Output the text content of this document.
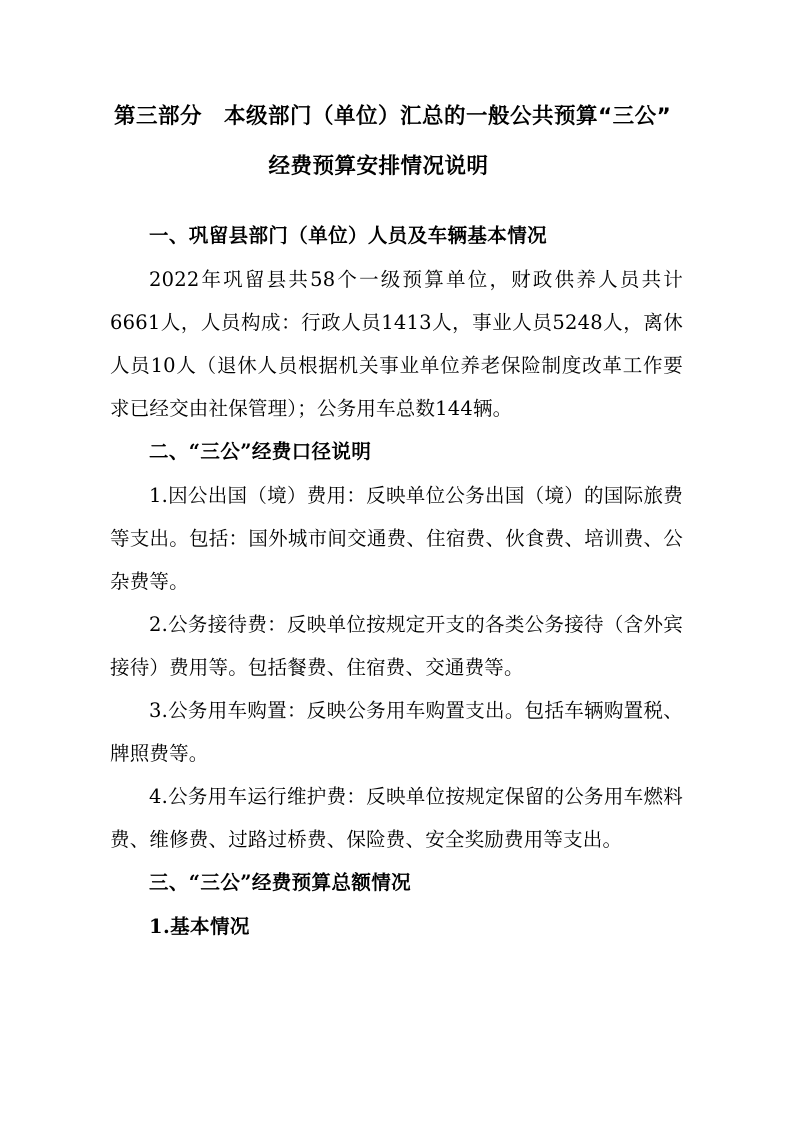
第三部分　本级部门（单位）汇总的一般公共预算“三公”
经费预算安排情况说明
一、巩留县部门（单位）人员及车辆基本情况

2022年巩留县共58个一级预算单位，财政供养人员共计6661人，人员构成：行政人员1413人，事业人员5248人，离休人员10人（退休人员根据机关事业单位养老保险制度改革工作要求已经交由社保管理）；公务用车总数144辆。

二、“三公”经费口径说明

1.因公出国（境）费用：反映单位公务出国（境）的国际旅费等支出。包括：国外城市间交通费、住宿费、伙食费、培训费、公杂费等。

2.公务接待费：反映单位按规定开支的各类公务接待（含外宾接待）费用等。包括餐费、住宿费、交通费等。

3.公务用车购置：反映公务用车购置支出。包括车辆购置税、牌照费等。

4.公务用车运行维护费：反映单位按规定保留的公务用车燃料费、维修费、过路过桥费、保险费、安全奖励费用等支出。

三、“三公”经费预算总额情况
1.基本情况
